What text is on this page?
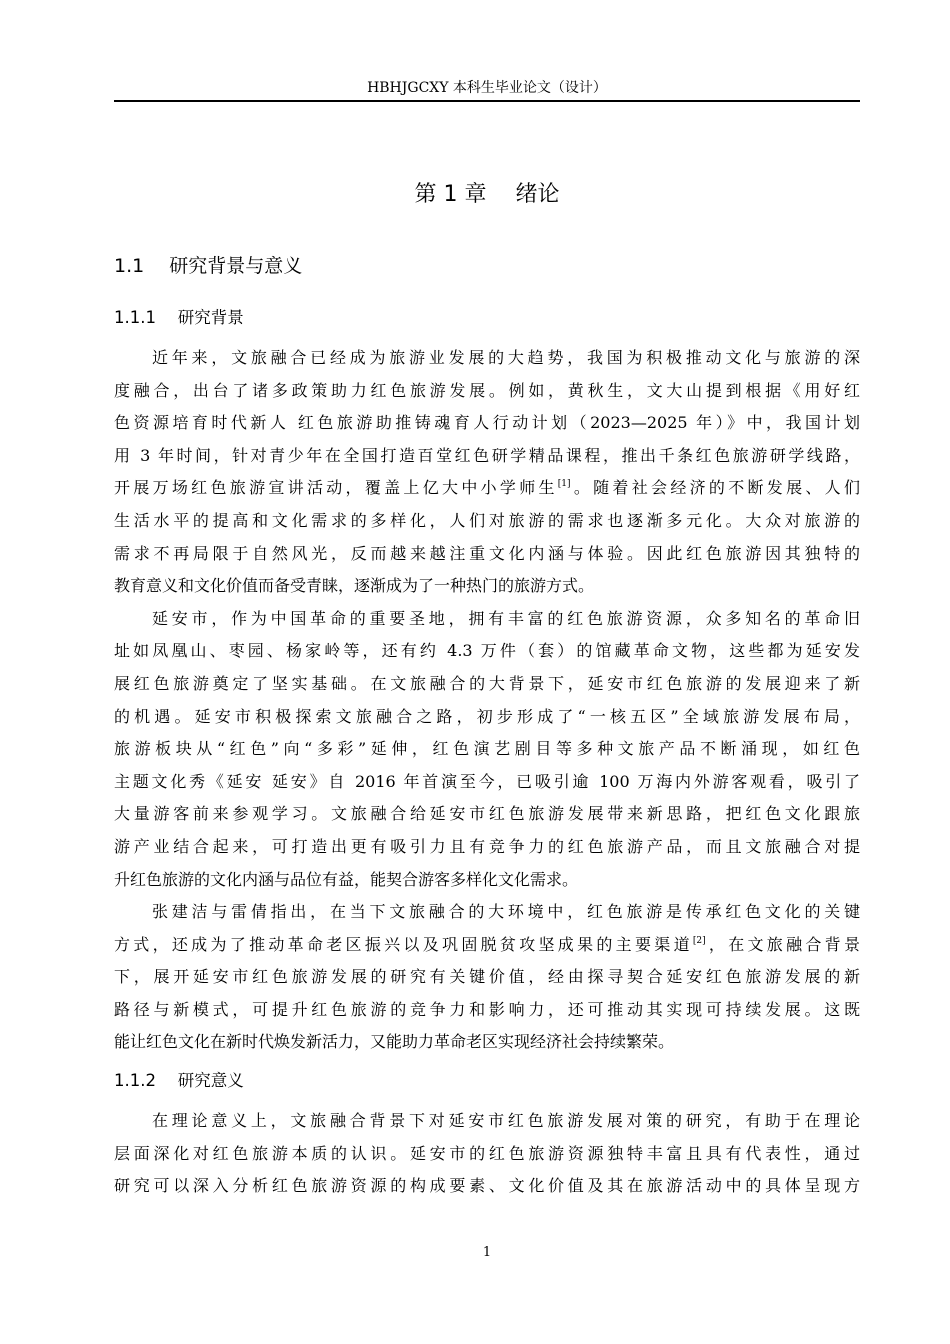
HBHJGCXY 本科生毕业论文（设计）
第 1 章　 绪论
1.1　 研究背景与意义
1.1.1　 研究背景
近年来，文旅融合已经成为旅游业发展的大趋势，我国为积极推动文化与旅游的深
度融合，出台了诸多政策助力红色旅游发展。例如，黄秋生，文大山提到根据《用好红
色资源培育时代新人 红色旅游助推铸魂育人行动计划（2023—2025 年）》中，我国计划
用 3 年时间，针对青少年在全国打造百堂红色研学精品课程，推出千条红色旅游研学线路，
开展万场红色旅游宣讲活动，覆盖上亿大中小学师生[1]。随着社会经济的不断发展、人们
生活水平的提高和文化需求的多样化，人们对旅游的需求也逐渐多元化。大众对旅游的
需求不再局限于自然风光，反而越来越注重文化内涵与体验。因此红色旅游因其独特的
教育意义和文化价值而备受青睐，逐渐成为了一种热门的旅游方式。
延安市，作为中国革命的重要圣地，拥有丰富的红色旅游资源，众多知名的革命旧
址如凤凰山、枣园、杨家岭等，还有约 4.3 万件（套）的馆藏革命文物，这些都为延安发
展红色旅游奠定了坚实基础。在文旅融合的大背景下，延安市红色旅游的发展迎来了新
的机遇。延安市积极探索文旅融合之路，初步形成了“一核五区”全域旅游发展布局，
旅游板块从“红色”向“多彩”延伸，红色演艺剧目等多种文旅产品不断涌现，如红色
主题文化秀《延安 延安》自 2016 年首演至今，已吸引逾 100 万海内外游客观看，吸引了
大量游客前来参观学习。文旅融合给延安市红色旅游发展带来新思路，把红色文化跟旅
游产业结合起来，可打造出更有吸引力且有竞争力的红色旅游产品，而且文旅融合对提
升红色旅游的文化内涵与品位有益，能契合游客多样化文化需求。
张建洁与雷倩指出，在当下文旅融合的大环境中，红色旅游是传承红色文化的关键
方式，还成为了推动革命老区振兴以及巩固脱贫攻坚成果的主要渠道[2]，在文旅融合背景
下，展开延安市红色旅游发展的研究有关键价值，经由探寻契合延安红色旅游发展的新
路径与新模式，可提升红色旅游的竞争力和影响力，还可推动其实现可持续发展。这既
能让红色文化在新时代焕发新活力，又能助力革命老区实现经济社会持续繁荣。
1.1.2　 研究意义
在理论意义上，文旅融合背景下对延安市红色旅游发展对策的研究，有助于在理论
层面深化对红色旅游本质的认识。延安市的红色旅游资源独特丰富且具有代表性，通过
研究可以深入分析红色旅游资源的构成要素、文化价值及其在旅游活动中的具体呈现方
1
